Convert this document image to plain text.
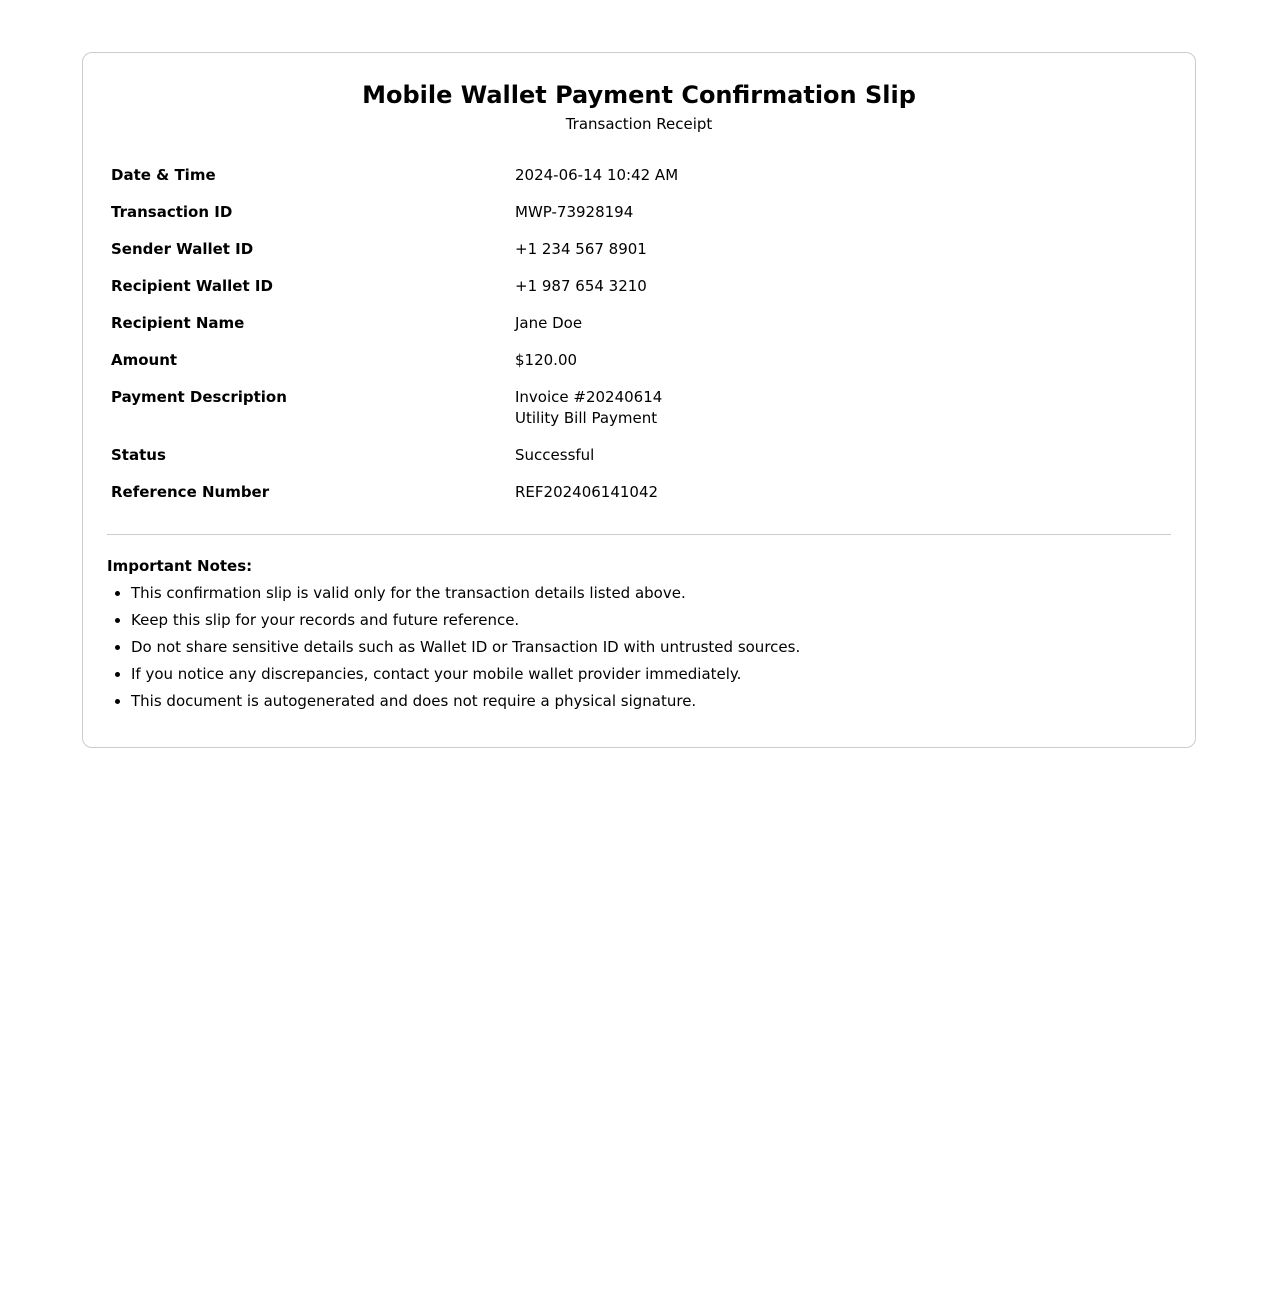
Mobile Wallet Payment Confirmation Slip

Transaction Receipt

Date & Time	2024-06-14 10:42 AM

Transaction ID	MWP-73928194

Sender Wallet ID	+1 234 567 8901

Recipient Wallet ID	+1 987 654 3210

Recipient Name	Jane Doe

Amount	$120.00

Payment Description	Invoice #20240614
Utility Bill Payment

Status	Successful

Reference Number	REF202406141042

Important Notes:

• This confirmation slip is valid only for the transaction details listed above.
• Keep this slip for your records and future reference.
• Do not share sensitive details such as Wallet ID or Transaction ID with untrusted sources.
• If you notice any discrepancies, contact your mobile wallet provider immediately.
• This document is autogenerated and does not require a physical signature.
